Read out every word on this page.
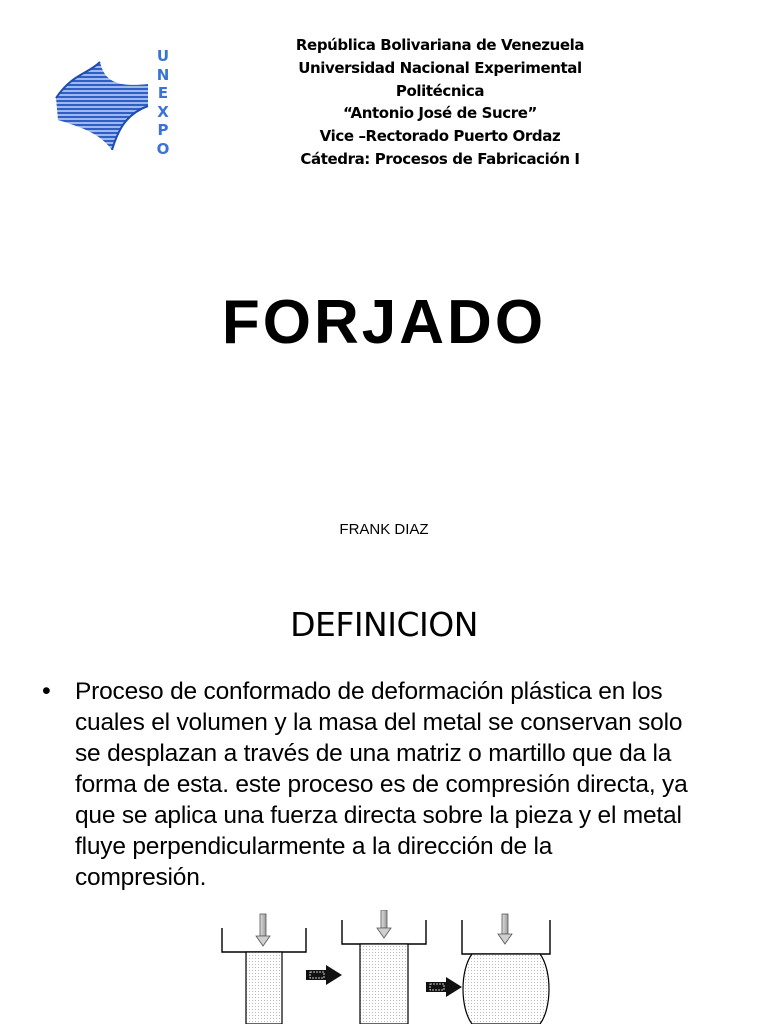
U
N
E
X
P
O
República Bolivariana de Venezuela
Universidad Nacional Experimental
Politécnica
“Antonio José de Sucre”
Vice –Rectorado Puerto Ordaz
Cátedra: Procesos de Fabricación I
FORJADO
FRANK DIAZ
DEFINICION
• Proceso de conformado de deformación plástica en los
cuales el volumen y la masa del metal se conservan solo
se desplazan a través de una matriz o martillo que da la
forma de esta. este proceso es de compresión directa, ya
que se aplica una fuerza directa sobre la pieza y el metal
fluye perpendicularmente a la dirección de la
compresión.
